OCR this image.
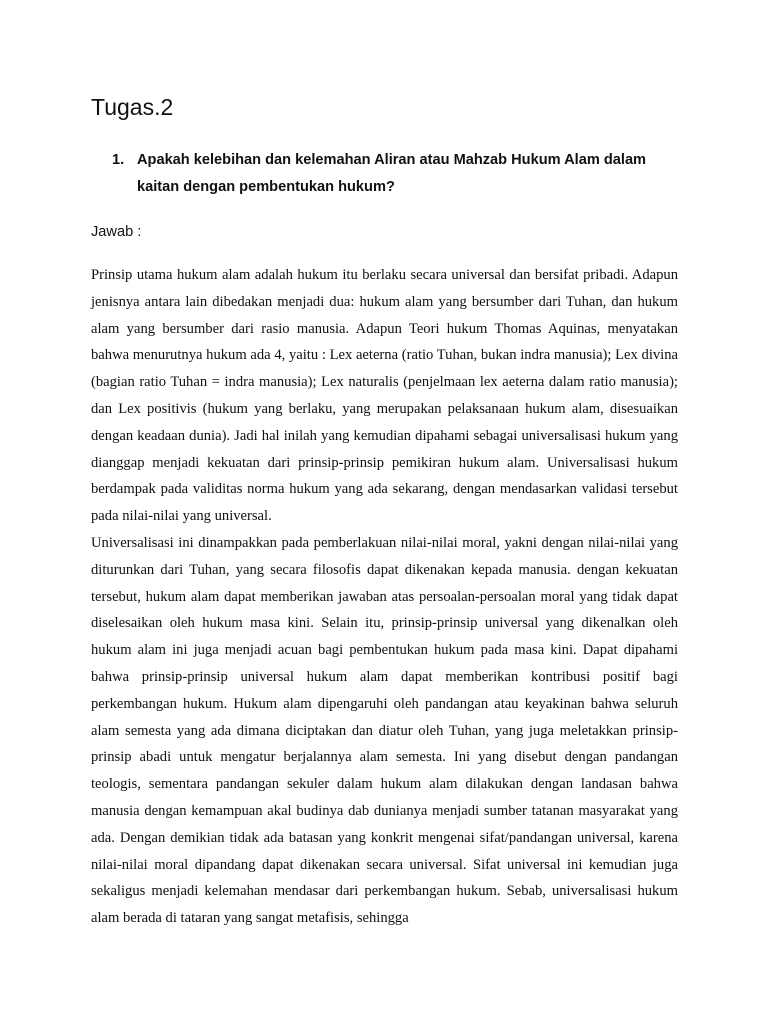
Tugas.2
1. Apakah kelebihan dan kelemahan Aliran atau Mahzab Hukum Alam dalam kaitan dengan pembentukan hukum?
Jawab :

Prinsip utama hukum alam adalah hukum itu berlaku secara universal dan bersifat pribadi. Adapun jenisnya antara lain dibedakan menjadi dua: hukum alam yang bersumber dari Tuhan, dan hukum alam yang bersumber dari rasio manusia. Adapun Teori hukum Thomas Aquinas, menyatakan bahwa menurutnya hukum ada 4, yaitu : Lex aeterna (ratio Tuhan, bukan indra manusia); Lex divina (bagian ratio Tuhan = indra manusia); Lex naturalis (penjelmaan lex aeterna dalam ratio manusia); dan Lex positivis (hukum yang berlaku, yang merupakan pelaksanaan hukum alam, disesuaikan dengan keadaan dunia). Jadi hal inilah yang kemudian dipahami sebagai universalisasi hukum yang dianggap menjadi kekuatan dari prinsip-prinsip pemikiran hukum alam. Universalisasi hukum berdampak pada validitas norma hukum yang ada sekarang, dengan mendasarkan validasi tersebut pada nilai-nilai yang universal.

Universalisasi ini dinampakkan pada pemberlakuan nilai-nilai moral, yakni dengan nilai-nilai yang diturunkan dari Tuhan, yang secara filosofis dapat dikenakan kepada manusia. dengan kekuatan tersebut, hukum alam dapat memberikan jawaban atas persoalan-persoalan moral yang tidak dapat diselesaikan oleh hukum masa kini. Selain itu, prinsip-prinsip universal yang dikenalkan oleh hukum alam ini juga menjadi acuan bagi pembentukan hukum pada masa kini. Dapat dipahami bahwa prinsip-prinsip universal hukum alam dapat memberikan kontribusi positif bagi perkembangan hukum. Hukum alam dipengaruhi oleh pandangan atau keyakinan bahwa seluruh alam semesta yang ada dimana diciptakan dan diatur oleh Tuhan, yang juga meletakkan prinsip-prinsip abadi untuk mengatur berjalannya alam semesta. Ini yang disebut dengan pandangan teologis, sementara pandangan sekuler dalam hukum alam dilakukan dengan landasan bahwa manusia dengan kemampuan akal budinya dab dunianya menjadi sumber tatanan masyarakat yang ada. Dengan demikian tidak ada batasan yang konkrit mengenai sifat/pandangan universal, karena nilai-nilai moral dipandang dapat dikenakan secara universal. Sifat universal ini kemudian juga sekaligus menjadi kelemahan mendasar dari perkembangan hukum. Sebab, universalisasi hukum alam berada di tataran yang sangat metafisis, sehingga
